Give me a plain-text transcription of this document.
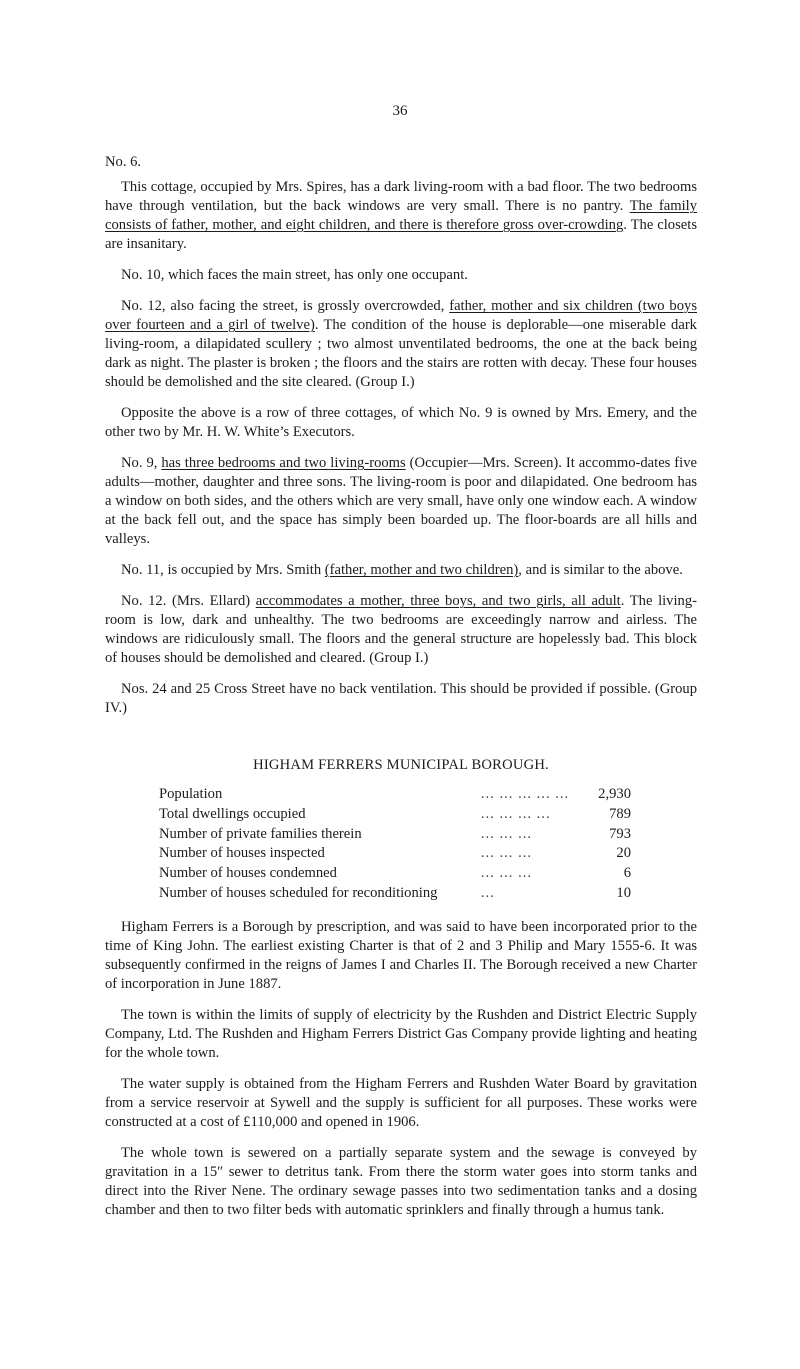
36

No. 6.

This cottage, occupied by Mrs. Spires, has a dark living-room with a bad floor. The two bedrooms have through ventilation, but the back windows are very small. There is no pantry. The family consists of father, mother, and eight children, and there is therefore gross over-crowding. The closets are insanitary.

No. 10, which faces the main street, has only one occupant.

No. 12, also facing thе street, is grossly overcrowded, father, mother and six children (two boys over fourteen and a girl of twelve). The condition of the house is deplorable—one miserable dark living-room, a dilapidated scullery ; two almost unventilated bedrooms, the one at the back being dark as night. The plaster is broken ; the floors and the stairs are rotten with decay. These four houses should be demolished and the site cleared. (Group I.)

Opposite the above is a row of three cottages, of which No. 9 is owned by Mrs. Emery, and the other two by Mr. H. W. White’s Executors.

No. 9, has three bedrooms and two living-rooms (Occupier—Mrs. Screen). It accommo-dates five adults—mother, daughter and three sons. The living-room is poor and dilapidated. One bedroom has a window on both sides, and the others which are very small, have only one window each. A window at the back fell out, and the space has simply been boarded up. The floor-boards are all hills and valleys.

No. 11, is occupied by Mrs. Smith (father, mother and two children), and is similar to the above.

No. 12. (Mrs. Ellard) accommodates a mother, three boys, and two girls, all adult. The living-room is low, dark and unhealthy. The two bedrooms are exceedingly narrow and airless. The windows are ridiculously small. The floors and the general structure are hopelessly bad. This block of houses should be demolished and cleared. (Group I.)

Nos. 24 and 25 Cross Street have no back ventilation. This should be provided if possible. (Group IV.)

HIGHAM FERRERS MUNICIPAL BOROUGH.
Population	... ... ... ... ...	2,930
Total dwellings occupied	... ... ... ...	789
Number of private families therein	... ... ...	793
Number of houses inspected	... ... ...	20
Number of houses condemned	... ... ...	6
Number of houses scheduled for reconditioning	...	10

Higham Ferrers is a Borough by prescription, and was said to have been incorporated prior to the time of King John. The earliest existing Charter is that of 2 and 3 Philip and Mary 1555-6. It was subsequently confirmed in the reigns of James I and Charles II. The Borough received a new Charter of incorporation in June 1887.

The town is within the limits of supply of electricity by the Rushden and District Electric Supply Company, Ltd. The Rushden and Higham Ferrers District Gas Company provide lighting and heating for the whole town.

The water supply is obtained from the Higham Ferrers and Rushden Water Board by gravitation from a service reservoir at Sywell and the supply is sufficient for all purposes. These works were constructed at a cost of £110,000 and opened in 1906.

The whole town is sewered on a partially separate system and the sewage is conveyed by gravitation in a 15″ sewer to detritus tank. From there the storm water goes into storm tanks and direct into the River Nene. The ordinary sewage passes into two sedimentation tanks and a dosing chamber and then to two filter beds with automatic sprinklers and finally through a humus tank.
